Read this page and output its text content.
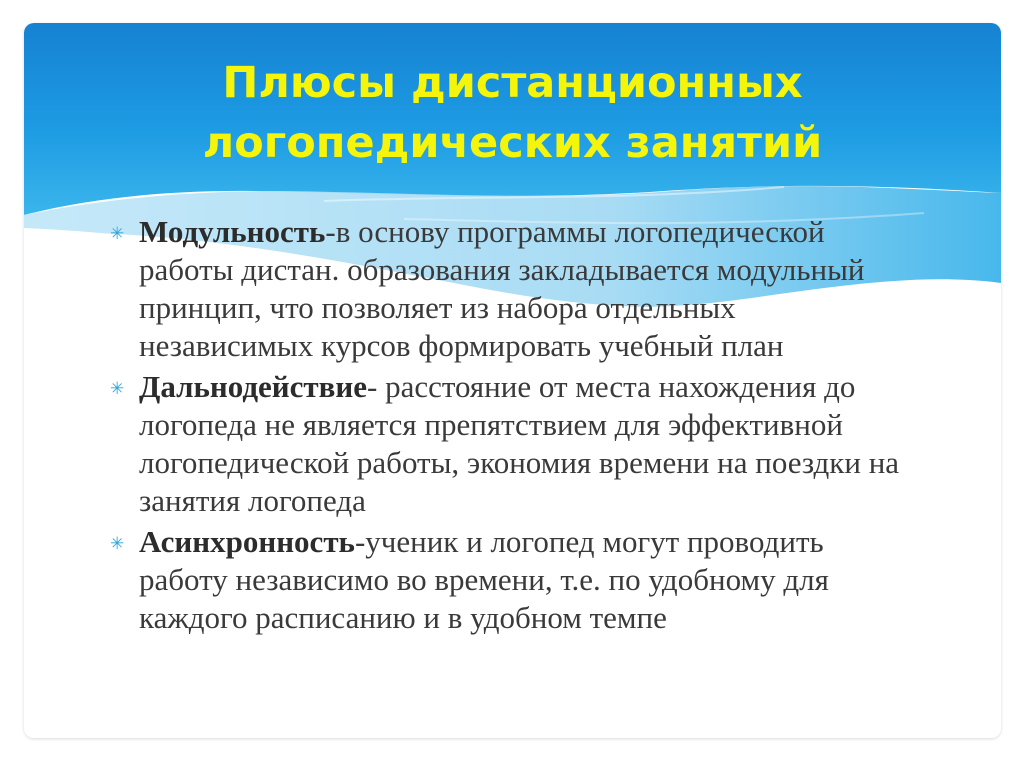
Плюсы дистанционных
логопедических занятий
✳ Модульность-в основу программы логопедической работы дистан. образования закладывается модульный принцип, что позволяет из набора отдельных независимых курсов формировать учебный план
✳ Дальнодействие- расстояние от места нахождения до логопеда не является препятствием для эффективной логопедической работы, экономия времени на поездки на занятия логопеда
✳ Асинхронность-ученик и логопед могут проводить работу независимо во времени, т.е. по удобному для каждого расписанию и в удобном темпе
